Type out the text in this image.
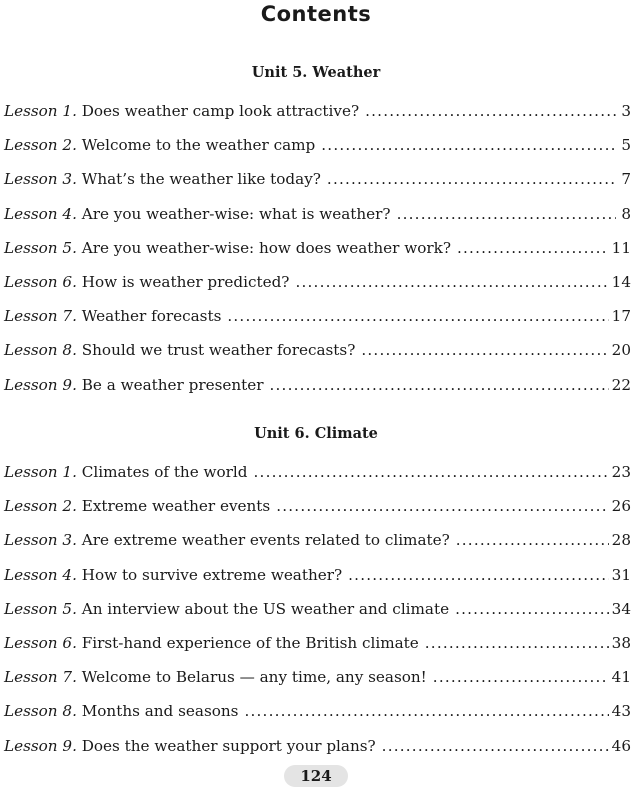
Contents
Unit 5. Weather
Lesson 1.
Does weather camp look attractive? .....	3
Lesson 2.
Welcome to the weather camp .....	5
Lesson 3.
What’s the weather like today? .....	7
Lesson 4.
Are you weather-wise: what is weather? .....	8
Lesson 5.
Are you weather-wise: how does weather work? .....	11
Lesson 6.
How is weather predicted? .....	14
Lesson 7.
Weather forecasts .....	17
Lesson 8.
Should we trust weather forecasts? .....	20
Lesson 9.
Be a weather presenter .....	22
Unit 6. Climate
Lesson 1.
Climates of the world .....	23
Lesson 2.
Extreme weather events .....	26
Lesson 3.
Are extreme weather events related to climate? .....	28
Lesson 4.
How to survive extreme weather? .....	31
Lesson 5.
An interview about the US weather and climate .....	34
Lesson 6.
First-hand experience of the British climate .....	38
Lesson 7.
Welcome to Belarus — any time, any season! .....	41
Lesson 8.
Months and seasons .....	43
Lesson 9.
Does the weather support your plans? .....	46
124
